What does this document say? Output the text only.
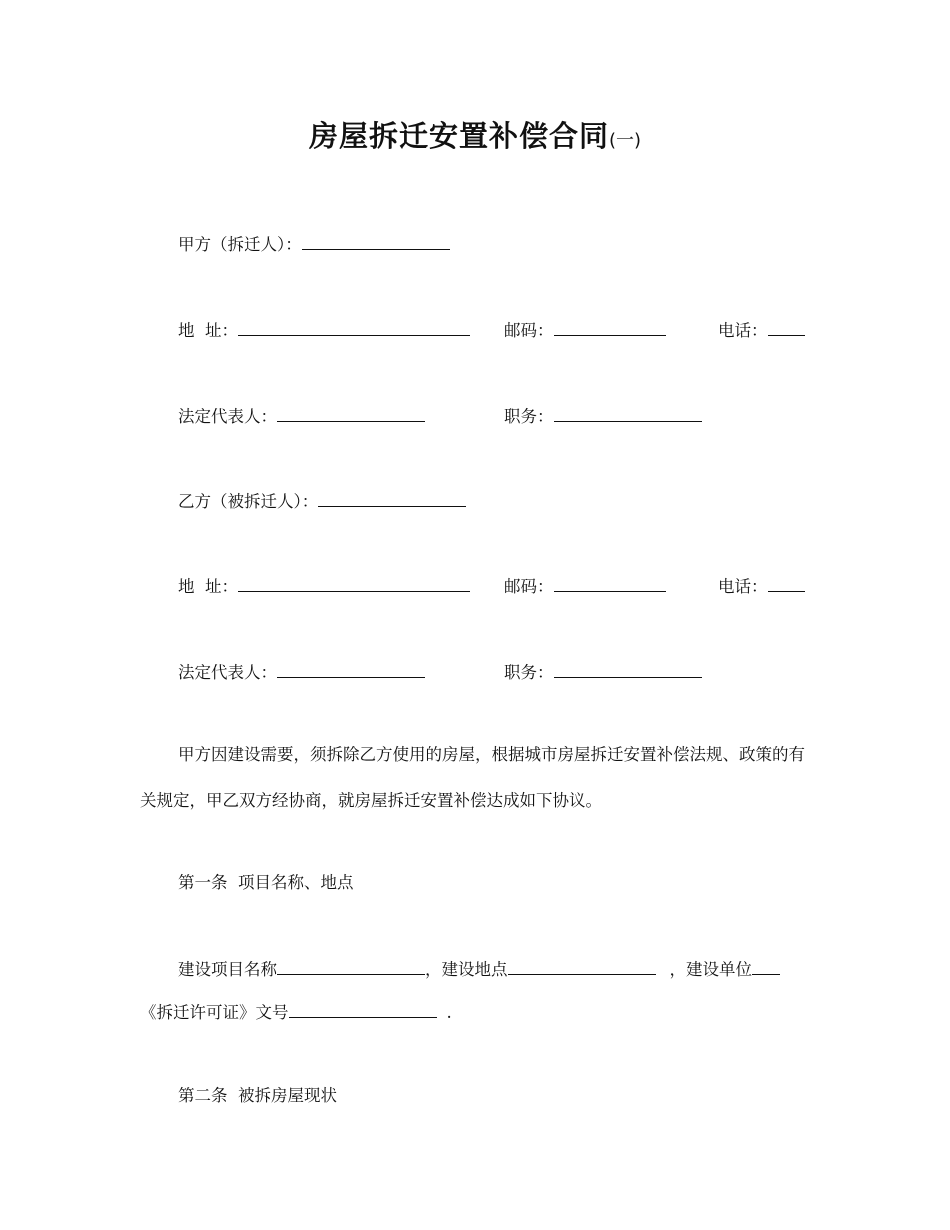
房屋拆迁安置补偿合同(一)
甲方（拆迁人）：
地  址：	邮码：	电话：
法定代表人：	职务：
乙方（被拆迁人）：
地  址：	邮码：	电话：
法定代表人：	职务：
甲方因建设需要，须拆除乙方使用的房屋，根据城市房屋拆迁安置补偿法规、政策的有关规定，甲乙双方经协商，就房屋拆迁安置补偿达成如下协议。
第一条  项目名称、地点
建设项目名称	，建设地点	，建设单位
《拆迁许可证》文号	.
第二条  被拆房屋现状
